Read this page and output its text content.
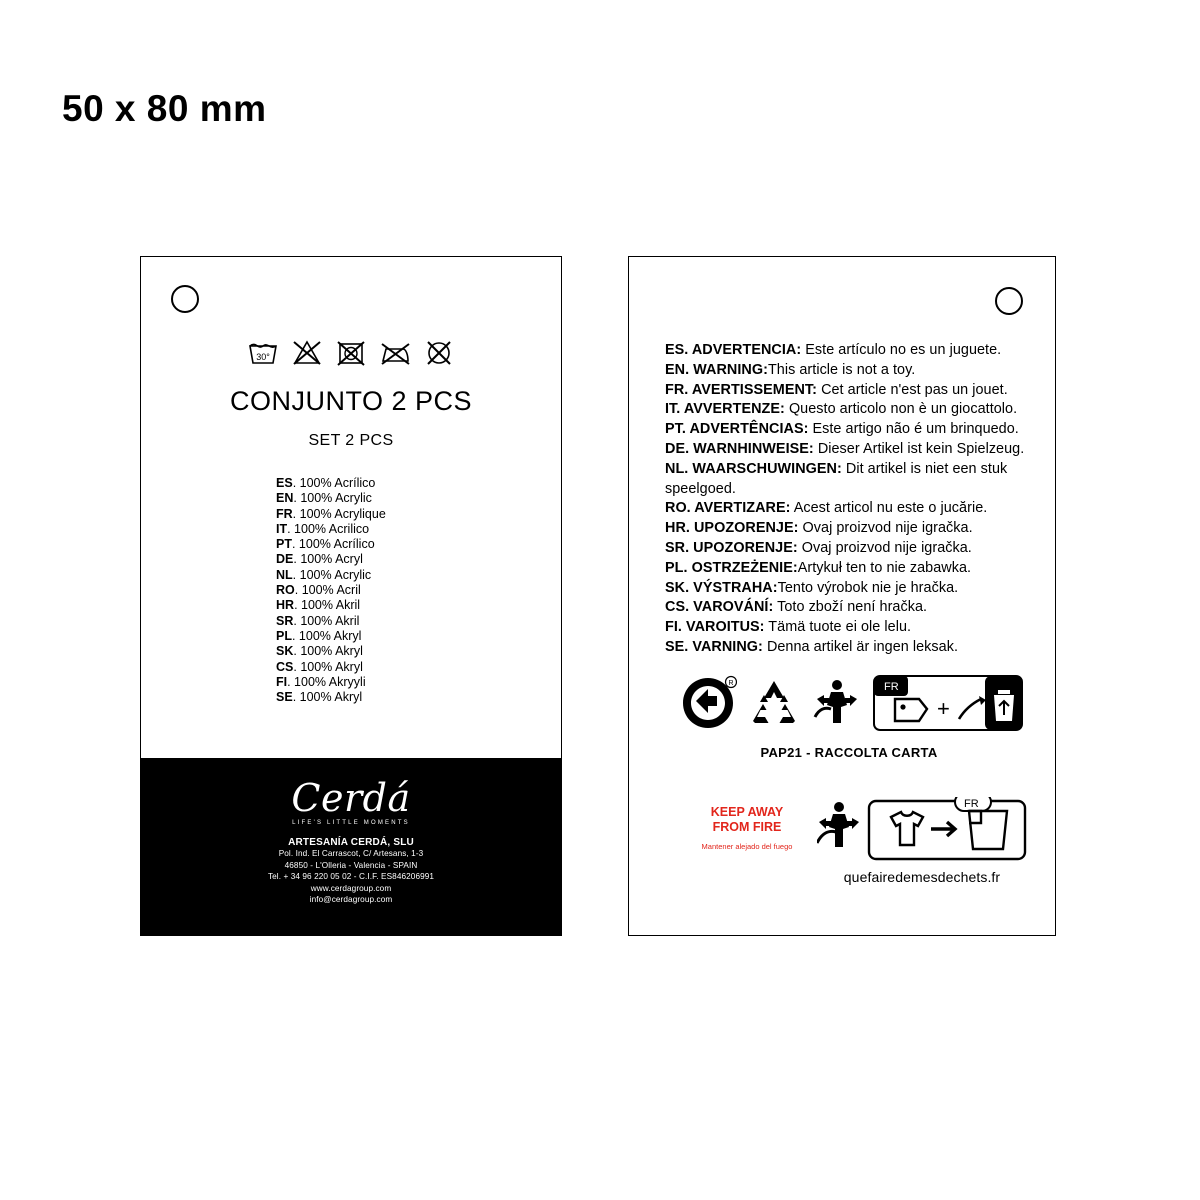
50 x 80 mm
30°
CONJUNTO 2 PCS
SET 2 PCS
ES. 100% Acrílico
EN. 100% Acrylic
FR. 100% Acrylique
IT. 100% Acrilico
PT. 100% Acrílico
DE. 100% Acryl
NL. 100% Acrylic
RO. 100% Acril
HR. 100% Akril
SR. 100% Akril
PL. 100% Akryl
SK. 100% Akryl
CS. 100% Akryl
FI. 100% Akryyli
SE. 100% Akryl
Cerdá
LIFE'S LITTLE MOMENTS
ARTESANÍA CERDÁ, SLU
Pol. Ind. El Carrascot, C/ Artesans, 1-3
46850 - L'Olleria - Valencia - SPAIN
Tel. + 34 96 220 05 02 - C.I.F. ES846206991
www.cerdagroup.com
info@cerdagroup.com
ES. ADVERTENCIA: Este artículo no es un juguete.
EN. WARNING:This article is not a toy.
FR. AVERTISSEMENT: Cet article n'est pas un jouet.
IT. AVVERTENZE: Questo articolo non è un giocattolo.
PT. ADVERTÊNCIAS: Este artigo não é um brinquedo.
DE. WARNHINWEISE: Dieser Artikel ist kein Spielzeug.
NL. WAARSCHUWINGEN: Dit artikel is niet een stuk speelgoed.
RO. AVERTIZARE: Acest articol nu este o jucărie.
HR. UPOZORENJE: Ovaj proizvod nije igračka.
SR. UPOZORENJE: Ovaj proizvod nije igračka.
PL. OSTRZEŻENIE:Artykuł ten to nie zabawka.
SK. VÝSTRAHA:Tento výrobok nie je hračka.
CS. VAROVÁNÍ: Toto zboží není hračka.
FI. VAROITUS: Tämä tuote ei ole lelu.
SE. VARNING: Denna artikel är ingen leksak.
R	FR
+
PAP21 - RACCOLTA CARTA
KEEP AWAY
FROM FIRE
Mantener alejado del fuego
FR
quefairedemesdechets.fr
